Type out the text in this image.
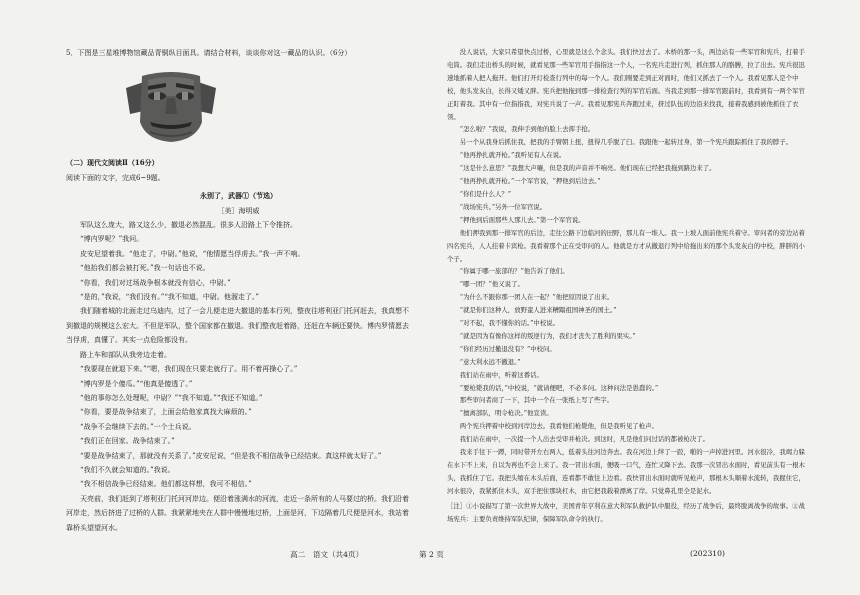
5．下图是三星堆博物馆藏品青铜纵目面具。请结合材料，谈谈你对这一藏品的认识。（6分）
（二）现代文阅读Ⅱ（16分）
阅读下面的文字，完成6~9题。
永别了，武器①（节选）
［美］海明威

军队这么庞大，路又这么少，撤退必然混乱。很多人沿路上下令推挤。

“博内罗呢？”我问。

皮安尼望着我。“他走了，中尉。”他说，“他情愿当俘虏去。”我一声不响。

“他抬我们都会被打死。”我一句话也不说。

“你看，我们对过场战争根本就没有信心，中尉。”

“是的，”我说，“我们没有。”“我不知道，中尉。他溜走了。”

我们随着城的北面走过乌迪内，过了一会儿便走进大撤退的基本行列，整夜往塔利亚门托河赶去，我真想不到撤退的规模这么宏大。不但是军队，整个国家都在撤退。我们整夜赶着路，还赶在车辆还要快。博内罗情愿去当俘虏，真懂了。其实一点危险都没有。

路上车和部队从我旁边走着。

“我要现在就退下来。”“嗯，我们现在只要走就行了。用不着再操心了。”

“博内罗是个傻瓜。”“他真是傻透了。”

“他的事你怎么处理呢，中尉？”“我不知道。”“我还不知道。”

“你看，要是战争结束了，上面会给他家真找大麻烦的。”

“战争不会继续下去的。”一个士兵说。

“我们正在回家。战争结束了。”

“要是战争结束了，那就没有关系了。”皮安尼说，“但是我不相信战争已经结束。真这样就太好了。”

“我们不久就会知道的。”我说。

“我不相信战争已经结束。他们都这样想，我可不相信。”

天亮前，我们赶到了塔利亚门托河河岸边。便沿着涨满水的河流，走近一条所有的人马要过的桥。我们沿着河岸走，然后挤进了过桥的人群。我紧紧地夹在人群中慢慢地过桥，上面是河，下边隔着几尺便是河水，我站着靠桥头望望河水。

没人说话，大家只希望快点过桥，心里就是这么个念头。我们快过去了。木桥的那一头，两边站有一些军官和宪兵，打着手电筒。我们走出桥头的时候，就看见那一些军官用手指指这一个人，一名宪兵走进行列，抓住那人的胳膊，拉了出去。宪兵很迅速地抓着人把人拖开。他们打开灯检查行列中的每一个人。我们刚要走到正对面时，他们又抓去了一个人。我看见那人是个中校，他头发灰白，长得又矮又胖。宪兵把他拖到那一排检查行列的军官后面。当我走到那一排军官跟前时，我看到有一两个军官正盯着我。其中有一位指指我，对宪兵说了一声。我看见那宪兵奔跑过来，挤过队伍的边沿来找我，接着我感到被他抓住了衣领。

“怎么啦？”我说，我伸手到他的脸上去挥手抢。

另一个从我身后抓住我，把我的手臂朝上扭，扭得几乎脱了臼。我跟他一起转过身，第一个宪兵跟踪抓住了我的脖子。

“他再挣扎就开枪。”我听见有人在说。

“这是什么意思？”我想大声嚷，但是我的声音并不响亮。他们现在已经把我拖到路边来了。

“他再挣扎就开枪。”一个军官说，“押他到后边去。”

“你们是什么人？”

“战场宪兵。”另外一位军官说。

“押他到后面那些人那儿去。”第一个军官说。

他们押我到那一排军官的后边，走往公路下边临河的田野，那儿有一堆人。我一上坡人面前他宪兵着守。审问者的旁边站着四名宪兵，人人挂着卡宾枪。我看着那个正在受审问的人。他就是方才从撤退行列中给拖出来的那个头发灰白的中校，胖胖的小个子。

“你属于哪一旅部的？”他告诉了他们。

“哪一团？”他又说了。

“为什么不跟你那一团人在一起？”他把原因说了出来。

“就是你们这种人，放野蛮人进来糟蹋祖国神圣的国土。”

“对不起，我不懂你的话。”中校说。

“就是因为有像你这样的叛逆行为，我们才丧失了胜利的果实。”

“你们经历过撤退没有？”中校问。

“意大利永远不撤退。”

我们站在雨中，听着这番话。

“要枪毙我的话，”中校说，“就请便吧，不必多问。这种问法是愚蠢的。”

那些审问者商了一下，其中一个在一张纸上写了些字。

“擅离部队，明令枪决。”他宣读。

两个宪兵押着中校到河岸边去。我看他们枪毙他，但是我听见了枪声。

我们站在雨中，一次提一个人出去受审并枪决。到这时，凡是他们问过话的都被枪决了。

我来手往下一蹲，同时带开左右两人，低着头往河边奔去。我在河边上绊了一跤，啪的一声掉进河里。河水很冷，我竭力躲在水下不上来，自以为再也不会上来了。我一冒出水面，便吸一口气，连忙又降下去。我那一次冒出水面时，看见前头有一根木头，我抓住了它。我把头缩在木头后面，连看都不敢往上边看。我快冒出水面时就听见枪声，那根木头顺着水流转，我握住它，河水很冷，我紧抓住木头，双手把住那块杠木，由它把我载着漂离了岸。只觉鼻孔里全是泥水。

［注］①小说描写了第一次世界大战中，美国青年亨利在意大利军队救护队中服役，经历了战争后，最终脱离战争的故事。②战场宪兵：主要负责维持军队纪律，保障军队命令的执行。
高二　语文（共4页）	第 2 页	(202310)
